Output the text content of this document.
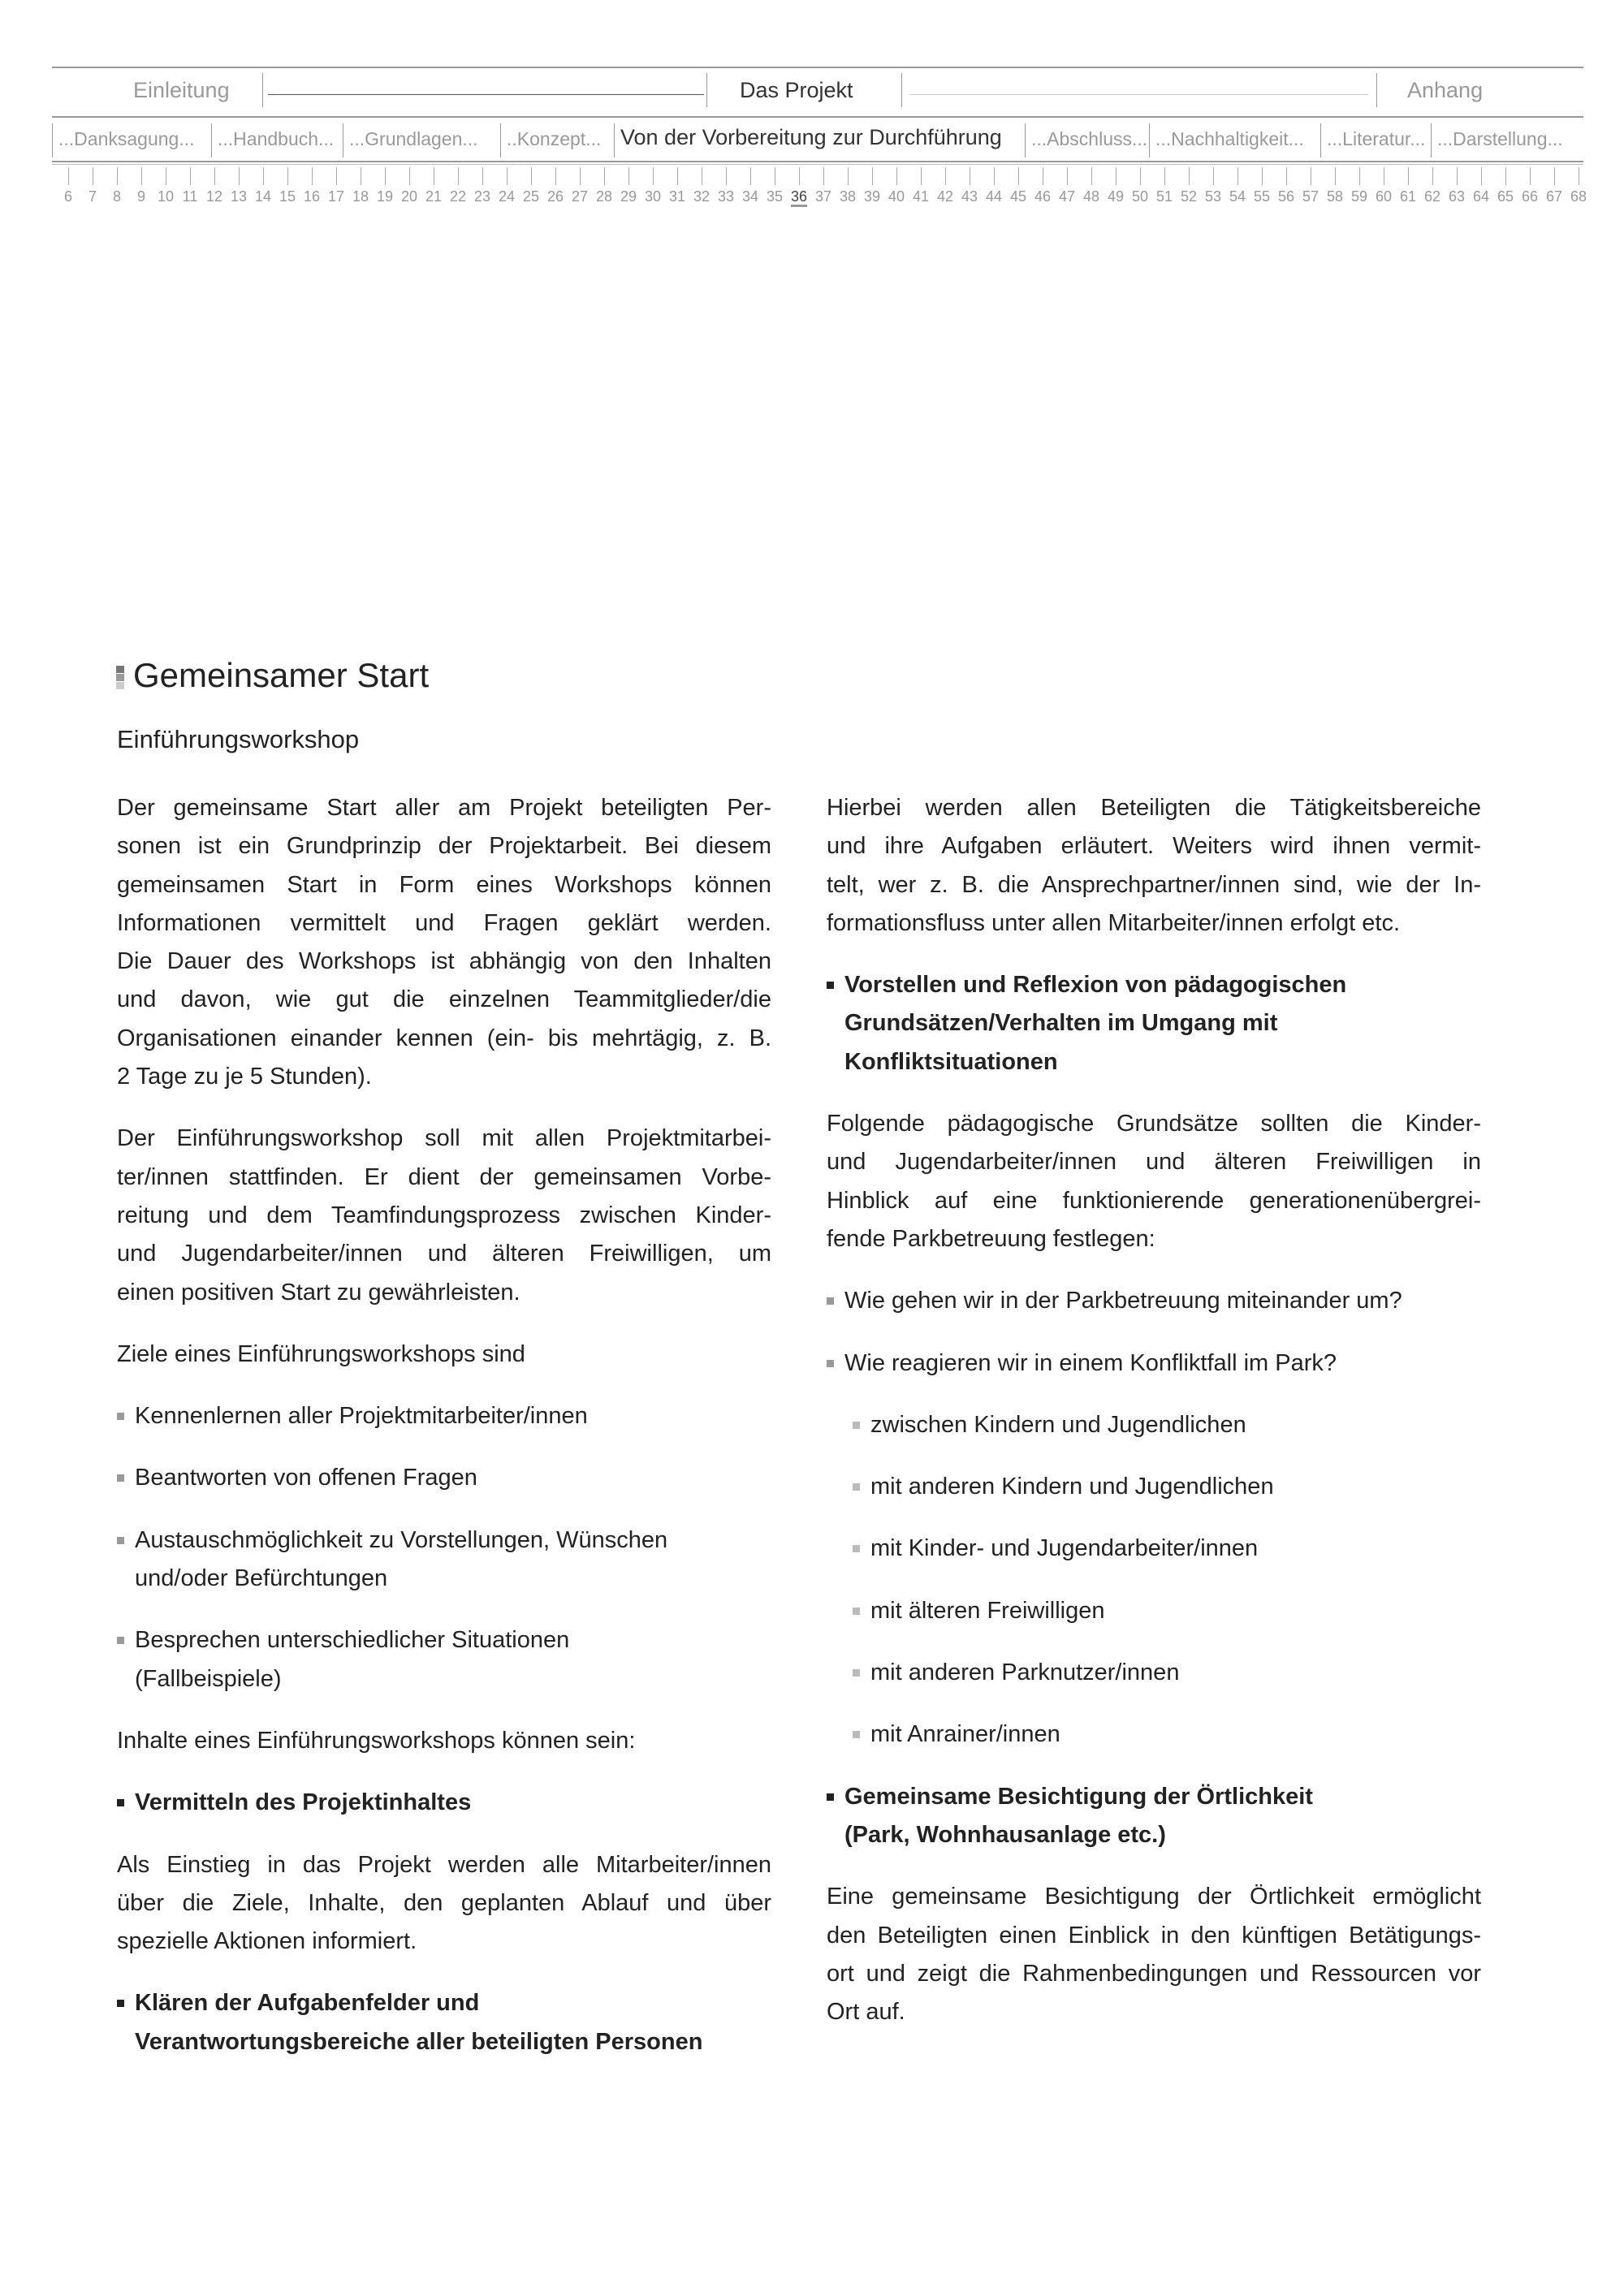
Einleitung	Das Projekt	Anhang
...Danksagung... ...Handbuch... ...Grundlagen... ..Konzept... Von der Vorbereitung zur Durchführung ...Abschluss... ...Nachhaltigkeit... ...Literatur... ...Darstellung...
6	7	8	9 10 11 12 13 14 15 16 17 18 19 20 21 22 23 24 25 26 27 28 29 30 31 32 33 34 35 36 37 38 39 40 41 42 43 44 45 46 47 48 49 50 51 52 53 54 55 56 57 58 59 60 61 62 63 64 65 66 67 68
Gemeinsamer Start
Einführungsworkshop
Der gemeinsame Start aller am Projekt beteiligten Per-
sonen ist ein Grundprinzip der Projektarbeit. Bei diesem
gemeinsamen Start in Form eines Workshops können
Informationen vermittelt und Fragen geklärt werden.
Die Dauer des Workshops ist abhängig von den Inhalten
und davon, wie gut die einzelnen Teammitglieder/die
Organisationen einander kennen (ein- bis mehrtägig, z. B.
2 Tage zu je 5 Stunden).
Der Einführungsworkshop soll mit allen Projektmitarbei-
ter/innen stattfinden. Er dient der gemeinsamen Vorbe-
reitung und dem Teamfindungsprozess zwischen Kinder-
und Jugendarbeiter/innen und älteren Freiwilligen, um
einen positiven Start zu gewährleisten.
Ziele eines Einführungsworkshops sind
Kennenlernen aller Projektmitarbeiter/innen
Beantworten von offenen Fragen
Austauschmöglichkeit zu Vorstellungen, Wünschen
und/oder Befürchtungen
Besprechen unterschiedlicher Situationen
(Fallbeispiele)
Inhalte eines Einführungsworkshops können sein:
Vermitteln des Projektinhaltes
Als Einstieg in das Projekt werden alle Mitarbeiter/innen
über die Ziele, Inhalte, den geplanten Ablauf und über
spezielle Aktionen informiert.
Klären der Aufgabenfelder und
Verantwortungsbereiche aller beteiligten Personen
Hierbei werden allen Beteiligten die Tätigkeitsbereiche
und ihre Aufgaben erläutert. Weiters wird ihnen vermit-
telt, wer z. B. die Ansprechpartner/innen sind, wie der In-
formationsfluss unter allen Mitarbeiter/innen erfolgt etc.
Vorstellen und Reflexion von pädagogischen
Grundsätzen/Verhalten im Umgang mit
Konfliktsituationen
Folgende pädagogische Grundsätze sollten die Kinder-
und Jugendarbeiter/innen und älteren Freiwilligen in
Hinblick auf eine funktionierende generationenübergrei-
fende Parkbetreuung festlegen:
Wie gehen wir in der Parkbetreuung miteinander um?
Wie reagieren wir in einem Konfliktfall im Park?
zwischen Kindern und Jugendlichen
mit anderen Kindern und Jugendlichen
mit Kinder- und Jugendarbeiter/innen
mit älteren Freiwilligen
mit anderen Parknutzer/innen
mit Anrainer/innen
Gemeinsame Besichtigung der Örtlichkeit
(Park, Wohnhausanlage etc.)
Eine gemeinsame Besichtigung der Örtlichkeit ermöglicht
den Beteiligten einen Einblick in den künftigen Betätigungs-
ort und zeigt die Rahmenbedingungen und Ressourcen vor
Ort auf.
